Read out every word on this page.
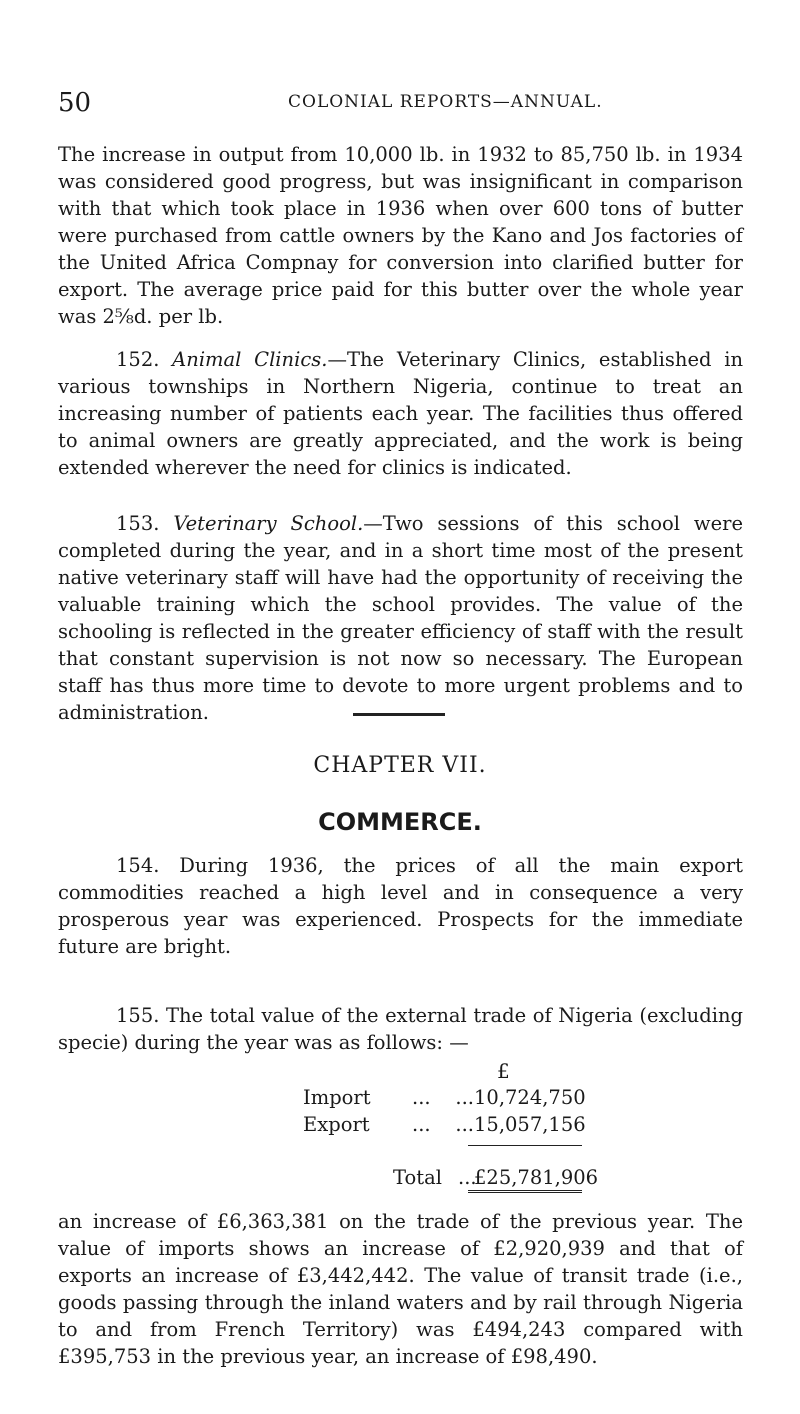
50	COLONIAL REPORTS—ANNUAL.

The increase in output from 10,000 lb. in 1932 to 85,750 lb. in 1934 was considered good progress, but was insignificant in comparison with that which took place in 1936 when over 600 tons of butter were purchased from cattle owners by the Kano and Jos factories of the United Africa Compnay for conversion into clarified butter for export. The average price paid for this butter over the whole year was 2⅝d. per lb.

152. Animal Clinics.—The Veterinary Clinics, established in various townships in Northern Nigeria, continue to treat an increasing number of patients each year. The facilities thus offered to animal owners are greatly appreciated, and the work is being extended wherever the need for clinics is indicated.

153. Veterinary School.—Two sessions of this school were completed during the year, and in a short time most of the present native veterinary staff will have had the opportunity of receiving the valuable training which the school provides. The value of the schooling is reflected in the greater efficiency of staff with the result that constant supervision is not now so necessary. The European staff has thus more time to devote to more urgent problems and to administration.

CHAPTER VII.
COMMERCE.

154. During 1936, the prices of all the main export commodities reached a high level and in consequence a very prosperous year was experienced. Prospects for the immediate future are bright.

155. The total value of the external trade of Nigeria (excluding specie) during the year was as follows: —

£
Import ... ... 10,724,750
Export ... ... 15,057,156
Total ...
£25,781,906

an increase of £6,363,381 on the trade of the previous year. The value of imports shows an increase of £2,920,939 and that of exports an increase of £3,442,442. The value of transit trade (i.e., goods passing through the inland waters and by rail through Nigeria to and from French Territory) was £494,243 compared with £395,753 in the previous year, an increase of £98,490.
